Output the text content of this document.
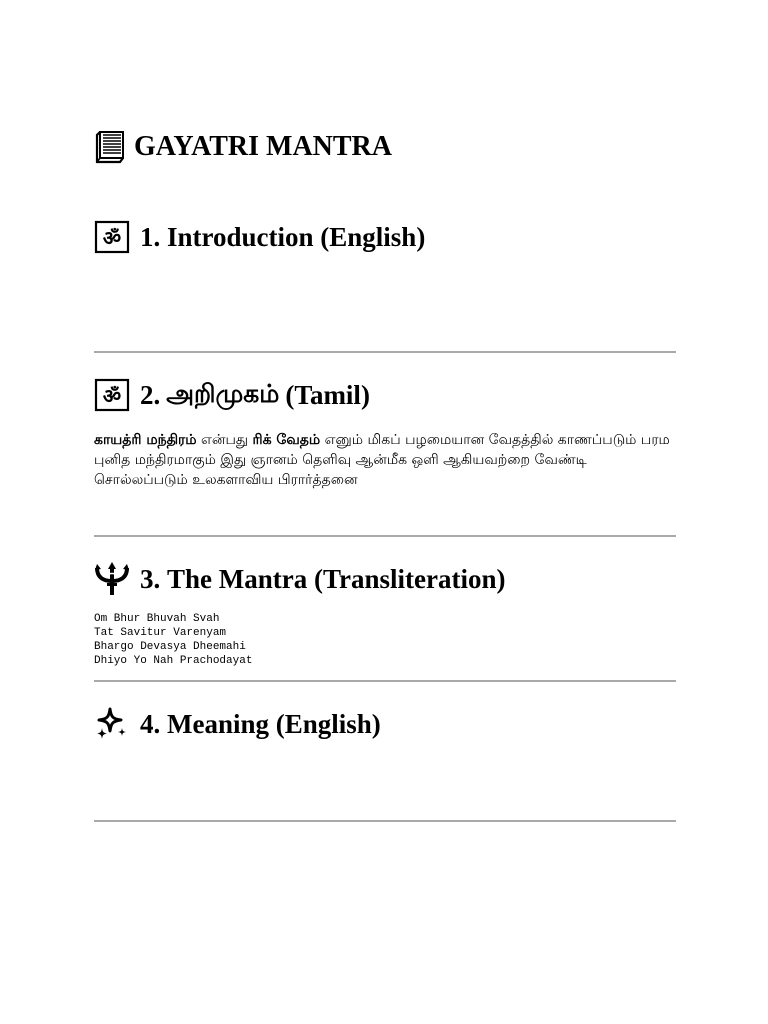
GAYATRI MANTRA
ॐ 1.
Introduction (English)
ॐ 2. அறிமுகம் (Tamil)

காயத்ரி மந்திரம் என்பது ரிக் வேதம் எனும் மிகப் பழமையான வேதத்தில் காணப்படும் பரம புனித மந்திரமாகும் இது ஞானம் தெளிவு ஆன்மீக ஒளி ஆகியவற்றை வேண்டி சொல்லப்படும் உலகளாவிய பிரார்த்தனை

3.
The Mantra (Transliteration)
Om Bhur Bhuvah Svah
Tat Savitur Varenyam
Bhargo Devasya Dheemahi
Dhiyo Yo Nah Prachodayat
4.
Meaning (English)
